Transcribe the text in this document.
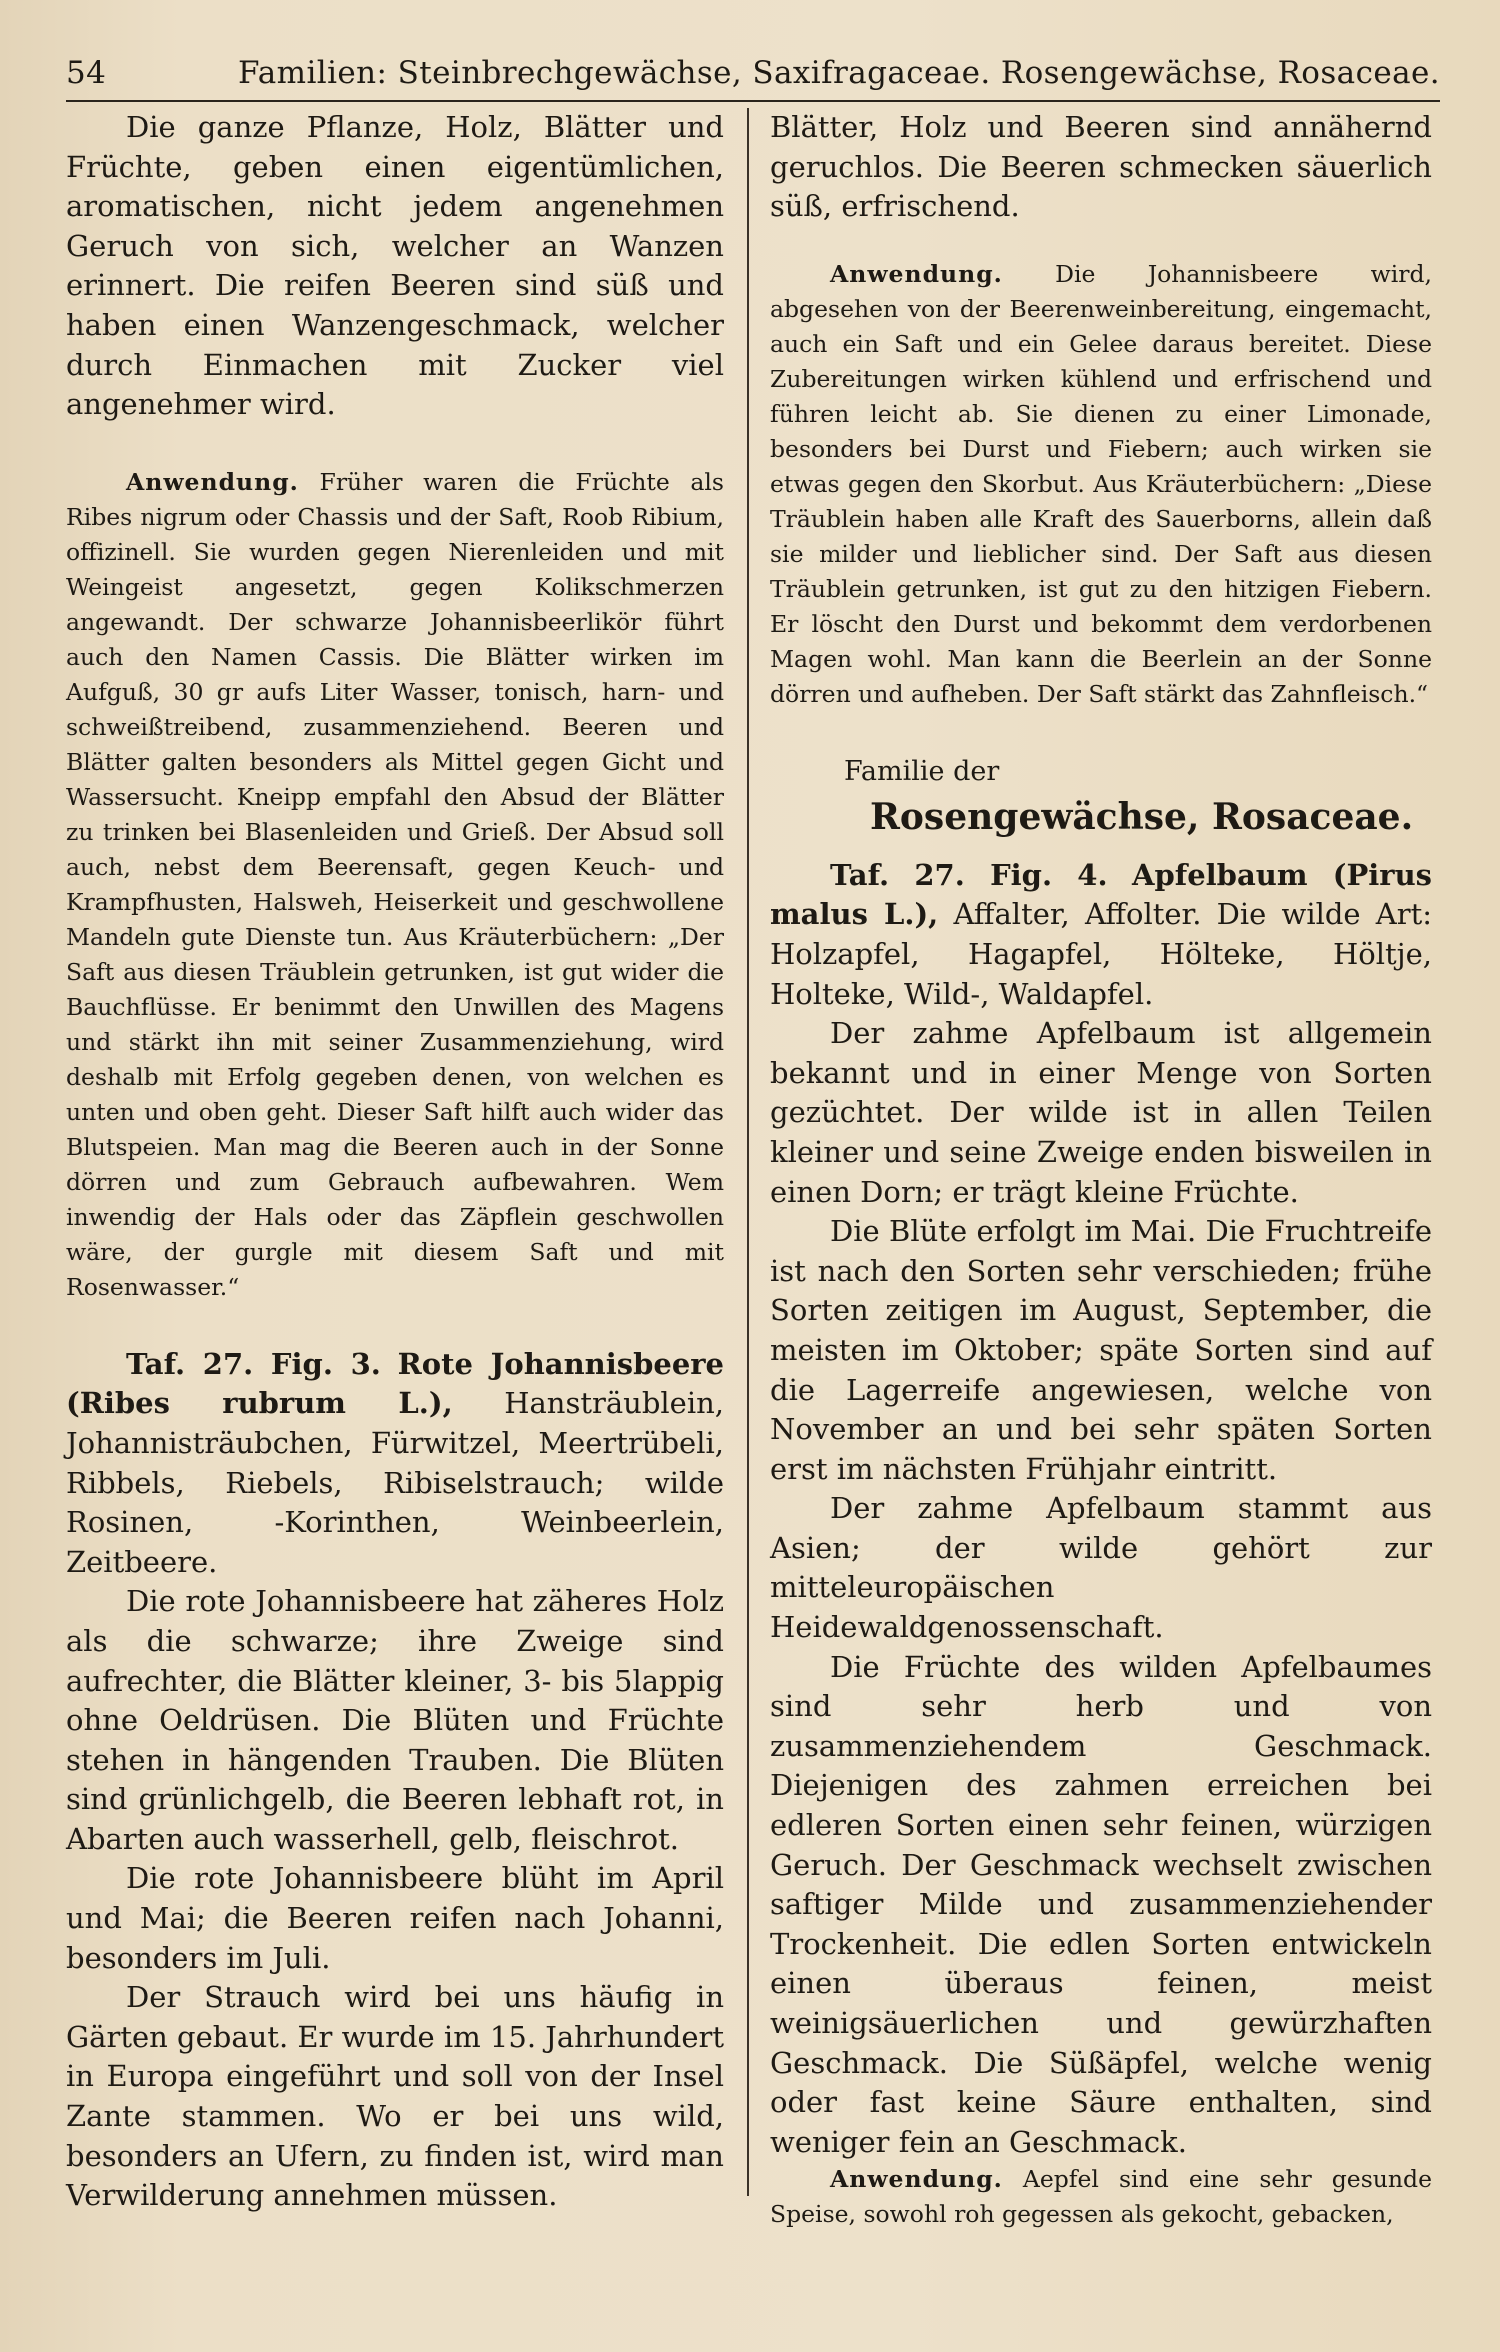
54	Familien: Steinbrechgewächse, Saxifragaceae. Rosengewächse, Rosaceae.

Die ganze Pflanze, Holz, Blätter und Früchte, geben einen eigentümlichen, aromatischen, nicht jedem angenehmen Geruch von sich, welcher an Wanzen erinnert. Die reifen Beeren sind süß und haben einen Wanzengeschmack, welcher durch Einmachen mit Zucker viel angenehmer wird.

Anwendung. Früher waren die Früchte als Ribes nigrum oder Chassis und der Saft, Roob Ribium, offizinell. Sie wurden gegen Nierenleiden und mit Weingeist angesetzt, gegen Kolikschmerzen angewandt. Der schwarze Johannisbeerlikör führt auch den Namen Cassis. Die Blätter wirken im Aufguß, 30 gr aufs Liter Wasser, tonisch, harn- und schweißtreibend, zusammenziehend. Beeren und Blätter galten besonders als Mittel gegen Gicht und Wassersucht. Kneipp empfahl den Absud der Blätter zu trinken bei Blasenleiden und Grieß. Der Absud soll auch, nebst dem Beerensaft, gegen Keuch- und Krampfhusten, Halsweh, Heiserkeit und geschwollene Mandeln gute Dienste tun. Aus Kräuterbüchern: „Der Saft aus diesen Träublein getrunken, ist gut wider die Bauchflüsse. Er benimmt den Unwillen des Magens und stärkt ihn mit seiner Zusammenziehung, wird deshalb mit Erfolg gegeben denen, von welchen es unten und oben geht. Dieser Saft hilft auch wider das Blutspeien. Man mag die Beeren auch in der Sonne dörren und zum Gebrauch aufbewahren. Wem inwendig der Hals oder das Zäpflein geschwollen wäre, der gurgle mit diesem Saft und mit Rosenwasser.“

Taf. 27. Fig. 3. Rote Johannisbeere (Ribes rubrum L.), Hansträublein, Johannisträubchen, Fürwitzel, Meertrübeli, Ribbels, Riebels, Ribiselstrauch; wilde Rosinen, -Korinthen, Weinbeerlein, Zeitbeere.

Die rote Johannisbeere hat zäheres Holz als die schwarze; ihre Zweige sind aufrechter, die Blätter kleiner, 3- bis 5lappig ohne Oeldrüsen. Die Blüten und Früchte stehen in hängenden Trauben. Die Blüten sind grünlichgelb, die Beeren lebhaft rot, in Abarten auch wasserhell, gelb, fleischrot.

Die rote Johannisbeere blüht im April und Mai; die Beeren reifen nach Johanni, besonders im Juli.

Der Strauch wird bei uns häufig in Gärten gebaut. Er wurde im 15. Jahrhundert in Europa eingeführt und soll von der Insel Zante stammen. Wo er bei uns wild, besonders an Ufern, zu finden ist, wird man Verwilderung annehmen müssen.

Blätter, Holz und Beeren sind annähernd geruchlos. Die Beeren schmecken säuerlich süß, erfrischend.

Anwendung. Die Johannisbeere wird, abgesehen von der Beerenweinbereitung, eingemacht, auch ein Saft und ein Gelee daraus bereitet. Diese Zubereitungen wirken kühlend und erfrischend und führen leicht ab. Sie dienen zu einer Limonade, besonders bei Durst und Fiebern; auch wirken sie etwas gegen den Skorbut. Aus Kräuterbüchern: „Diese Träublein haben alle Kraft des Sauerborns, allein daß sie milder und lieblicher sind. Der Saft aus diesen Träublein getrunken, ist gut zu den hitzigen Fiebern. Er löscht den Durst und bekommt dem verdorbenen Magen wohl. Man kann die Beerlein an der Sonne dörren und aufheben. Der Saft stärkt das Zahnfleisch.“

Familie der
Rosengewächse, Rosaceae.

Taf. 27. Fig. 4. Apfelbaum (Pirus malus L.), Affalter, Affolter. Die wilde Art: Holzapfel, Hagapfel, Hölteke, Höltje, Holteke, Wild-, Waldapfel.

Der zahme Apfelbaum ist allgemein bekannt und in einer Menge von Sorten gezüchtet. Der wilde ist in allen Teilen kleiner und seine Zweige enden bisweilen in einen Dorn; er trägt kleine Früchte.

Die Blüte erfolgt im Mai. Die Fruchtreife ist nach den Sorten sehr verschieden; frühe Sorten zeitigen im August, September, die meisten im Oktober; späte Sorten sind auf die Lagerreife angewiesen, welche von November an und bei sehr späten Sorten erst im nächsten Frühjahr eintritt.

Der zahme Apfelbaum stammt aus Asien; der wilde gehört zur mitteleuropäischen Heidewaldgenossenschaft.

Die Früchte des wilden Apfelbaumes sind sehr herb und von zusammenziehendem Geschmack. Diejenigen des zahmen erreichen bei edleren Sorten einen sehr feinen, würzigen Geruch. Der Geschmack wechselt zwischen saftiger Milde und zusammenziehender Trockenheit. Die edlen Sorten entwickeln einen überaus feinen, meist weinigsäuerlichen und gewürzhaften Geschmack. Die Süßäpfel, welche wenig oder fast keine Säure enthalten, sind weniger fein an Geschmack.

Anwendung. Aepfel sind eine sehr gesunde Speise, sowohl roh gegessen als gekocht, gebacken,
